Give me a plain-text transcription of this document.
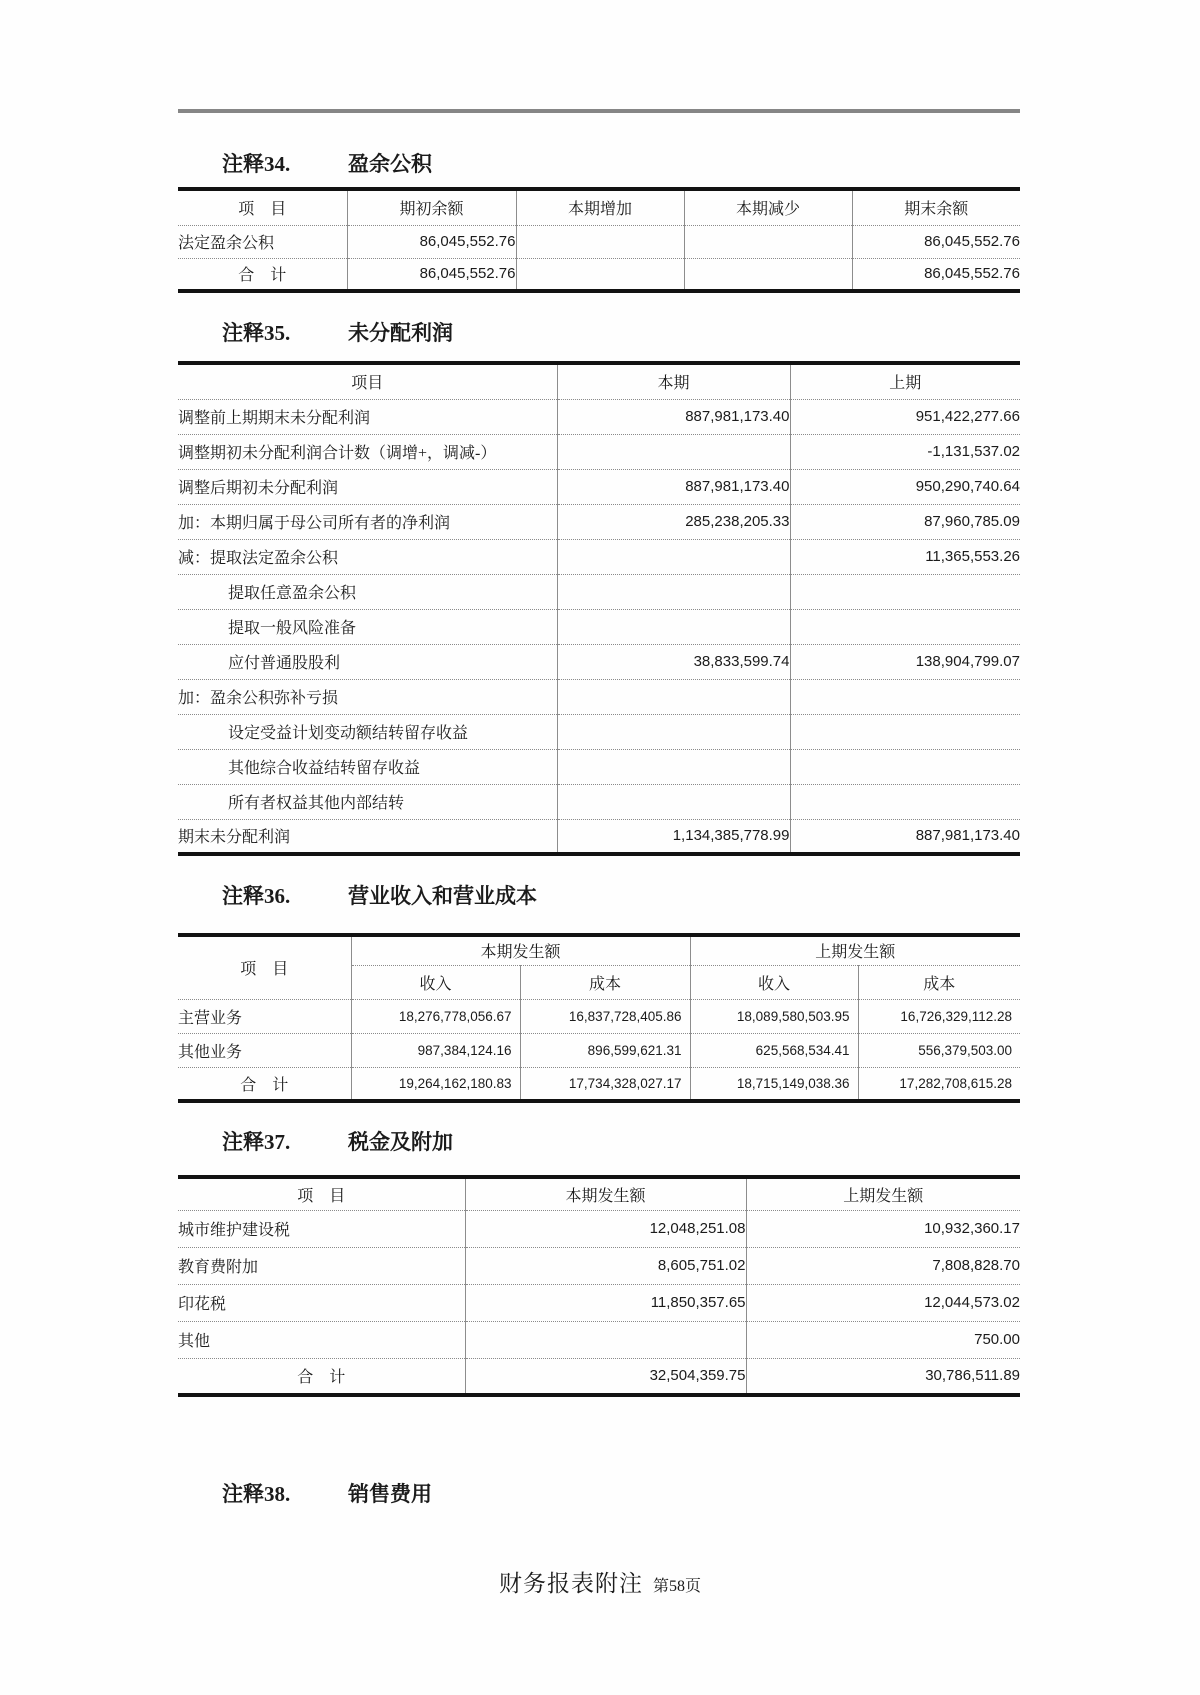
注释34.	盈余公积
项　目	期初余额	本期增加	本期减少	期末余额
法定盈余公积	86,045,552.76			86,045,552.76
合　计	86,045,552.76			86,045,552.76
注释35.	未分配利润
项目	本期	上期
调整前上期期末未分配利润	887,981,173.40	951,422,277.66
调整期初未分配利润合计数（调增+，调减-）		-1,131,537.02
调整后期初未分配利润	887,981,173.40	950,290,740.64
加：本期归属于母公司所有者的净利润	285,238,205.33	87,960,785.09
减：提取法定盈余公积		11,365,553.26
提取任意盈余公积		
提取一般风险准备		
应付普通股股利	38,833,599.74	138,904,799.07
加：盈余公积弥补亏损		
设定受益计划变动额结转留存收益		
其他综合收益结转留存收益		
所有者权益其他内部结转		
期末未分配利润	1,134,385,778.99	887,981,173.40
注释36.	营业收入和营业成本
项　目	本期发生额		上期发生额	
	收入	成本	收入	成本
主营业务	18,276,778,056.67	16,837,728,405.86	18,089,580,503.95	16,726,329,112.28
其他业务	987,384,124.16	896,599,621.31	625,568,534.41	556,379,503.00
合　计	19,264,162,180.83	17,734,328,027.17	18,715,149,038.36	17,282,708,615.28
注释37.	税金及附加
项　目	本期发生额	上期发生额
城市维护建设税	12,048,251.08	10,932,360.17
教育费附加	8,605,751.02	7,808,828.70
印花税	11,850,357.65	12,044,573.02
其他		750.00
合　计	32,504,359.75	30,786,511.89
注释38.	销售费用
财务报表附注 第58页
